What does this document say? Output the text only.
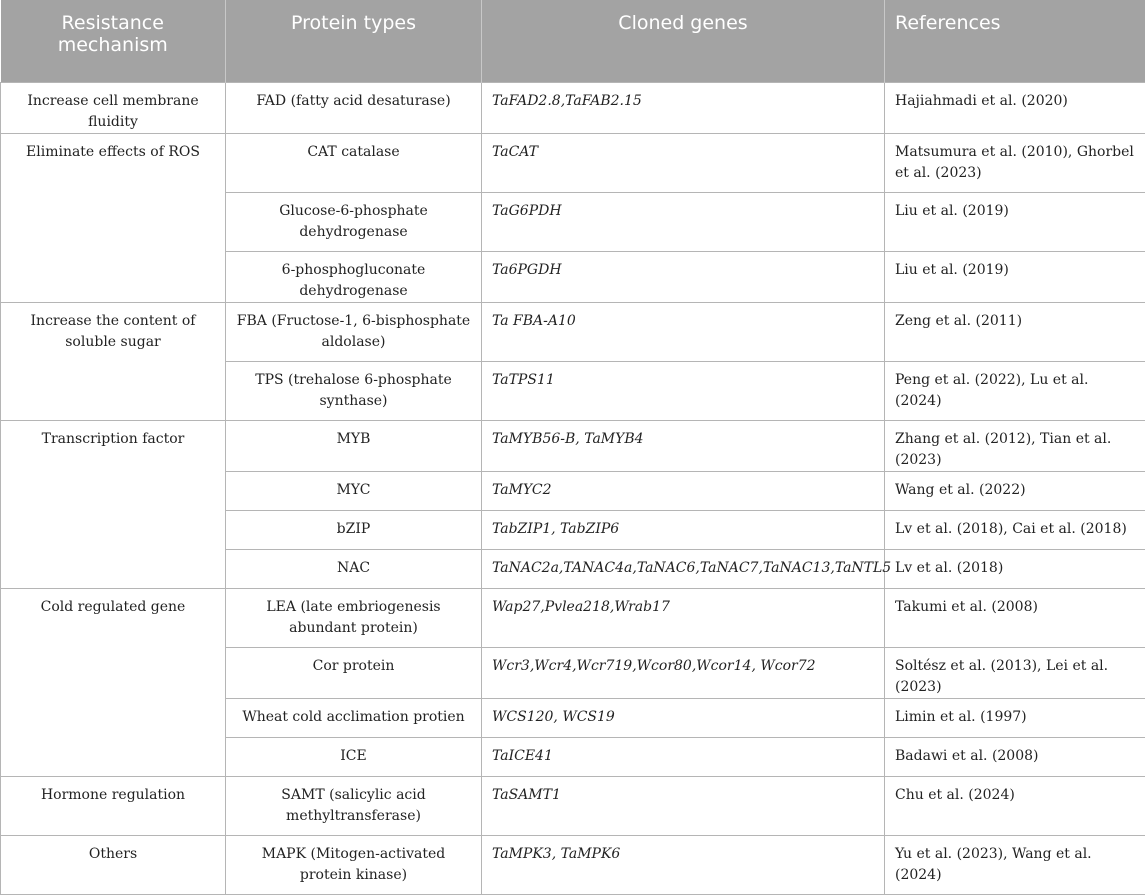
Resistance mechanism	Protein types	Cloned genes	References
Increase cell membrane fluidity	FAD (fatty acid desaturase)	TaFAD2.8,TaFAB2.15	Hajiahmadi et al. (2020)
Eliminate effects of ROS	CAT catalase	TaCAT	Matsumura et al. (2010), Ghorbel et al. (2023)
	Glucose-6-phosphate dehydrogenase	TaG6PDH	Liu et al. (2019)
	6-phosphogluconate dehydrogenase	Ta6PGDH	Liu et al. (2019)
Increase the content of soluble sugar	FBA (Fructose-1, 6-bisphosphate aldolase)	Ta FBA-A10	Zeng et al. (2011)
	TPS (trehalose 6-phosphate synthase)	TaTPS11	Peng et al. (2022), Lu et al. (2024)
Transcription factor	MYB	TaMYB56-B, TaMYB4	Zhang et al. (2012), Tian et al. (2023)
	MYC	TaMYC2	Wang et al. (2022)
	bZIP	TabZIP1, TabZIP6	Lv et al. (2018), Cai et al. (2018)
	NAC	TaNAC2a,TANAC4a,TaNAC6,TaNAC7,TaNAC13,TaNTL5	Lv et al. (2018)
Cold regulated gene	LEA (late embriogenesis abundant protein)	Wap27,Pvlea218,Wrab17	Takumi et al. (2008)
	Cor protein	Wcr3,Wcr4,Wcr719,Wcor80,Wcor14, Wcor72	Soltész et al. (2013), Lei et al. (2023)
	Wheat cold acclimation protien	WCS120, WCS19	Limin et al. (1997)
	ICE	TaICE41	Badawi et al. (2008)
Hormone regulation	SAMT (salicylic acid methyltransferase)	TaSAMT1	Chu et al. (2024)
Others	MAPK (Mitogen-activated protein kinase)	TaMPK3, TaMPK6	Yu et al. (2023), Wang et al. (2024)
